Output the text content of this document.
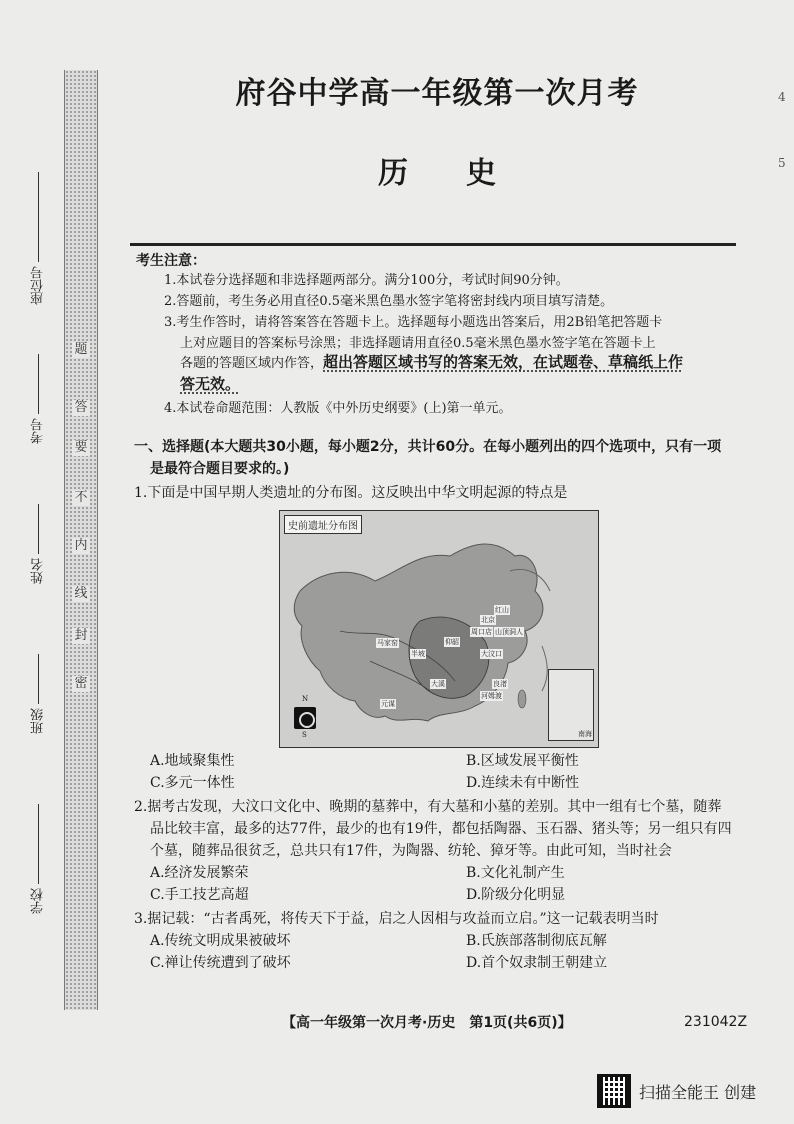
题
答
要
不
内
线
封
密
座位号
考号
姓名
班级
学校
4
5
府谷中学高一年级第一次月考
历史
考生注意：
1.本试卷分选择题和非选择题两部分。满分100分，考试时间90分钟。
2.答题前，考生务必用直径0.5毫米黑色墨水签字笔将密封线内项目填写清楚。
3.考生作答时，请将答案答在答题卡上。选择题每小题选出答案后，用2B铅笔把答题卡
上对应题目的答案标号涂黑；非选择题请用直径0.5毫米黑色墨水签字笔在答题卡上
各题的答题区域内作答，超出答题区域书写的答案无效，在试题卷、草稿纸上作
答无效。
4.本试卷命题范围：人教版《中外历史纲要》(上)第一单元。
一、选择题(本大题共30小题，每小题2分，共计60分。在每小题列出的四个选项中，只有一项
是最符合题目要求的。)
1.下面是中国早期人类遗址的分布图。这反映出中华文明起源的特点是
史前遗址分布图
北京
周口店
马家窑
半坡	大汶口
良渚
河姆渡
仰韶
红山
元谋
山顶洞人
大溪
N
S	南海
A.地域聚集性	B.区域发展平衡性
C.多元一体性	D.连续未有中断性
2.据考古发现，大汶口文化中、晚期的墓葬中，有大墓和小墓的差别。其中一组有七个墓，随葬
品比较丰富，最多的达77件，最少的也有19件，都包括陶器、玉石器、猪头等；另一组只有四
个墓，随葬品很贫乏，总共只有17件，为陶器、纺轮、獐牙等。由此可知，当时社会
A.经济发展繁荣	B.文化礼制产生
C.手工技艺高超	D.阶级分化明显
3.据记载：“古者禹死，将传天下于益，启之人因相与攻益而立启。”这一记载表明当时
A.传统文明成果被破坏	B.氏族部落制彻底瓦解
C.禅让传统遭到了破坏	D.首个奴隶制王朝建立
【高一年级第一次月考·历史　第1页(共6页)】	231042Z
扫描全能王 创建
